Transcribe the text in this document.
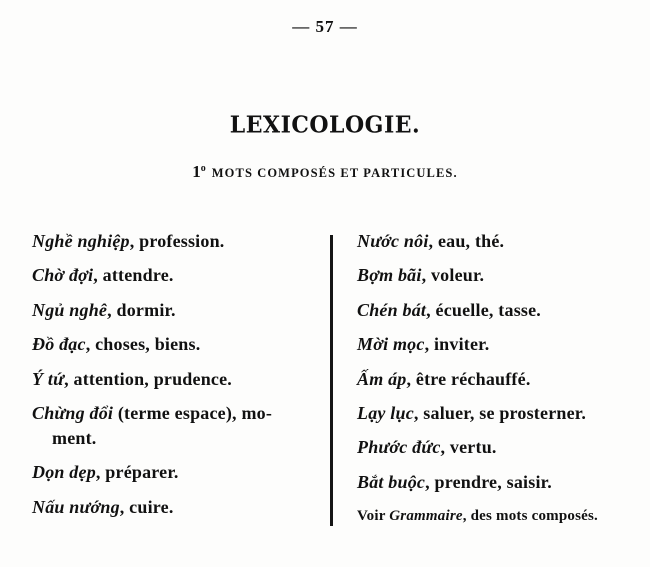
— 57 —
LEXICOLOGIE.
1$^o$ MOTS COMPOSÉS ET PARTICULES.
Nghề nghiệp, profession.
Chờ đợi, attendre.
Ngủ nghê, dormir.
Đồ đạc, choses, biens.
Ý tứ, attention, prudence.
Chừng đổi (terme espace), mo-
ment.
Dọn dẹp, préparer.
Nấu nướng, cuire.
Nước nôi, eau, thé.
Bợm bãi, voleur.
Chén bát, écuelle, tasse.
Mời mọc, inviter.
Ấm áp, être réchauffé.
Lạy lục, saluer, se prosterner.
Phước đức, vertu.
Bắt buộc, prendre, saisir.
Voir Grammaire, des mots composés.
